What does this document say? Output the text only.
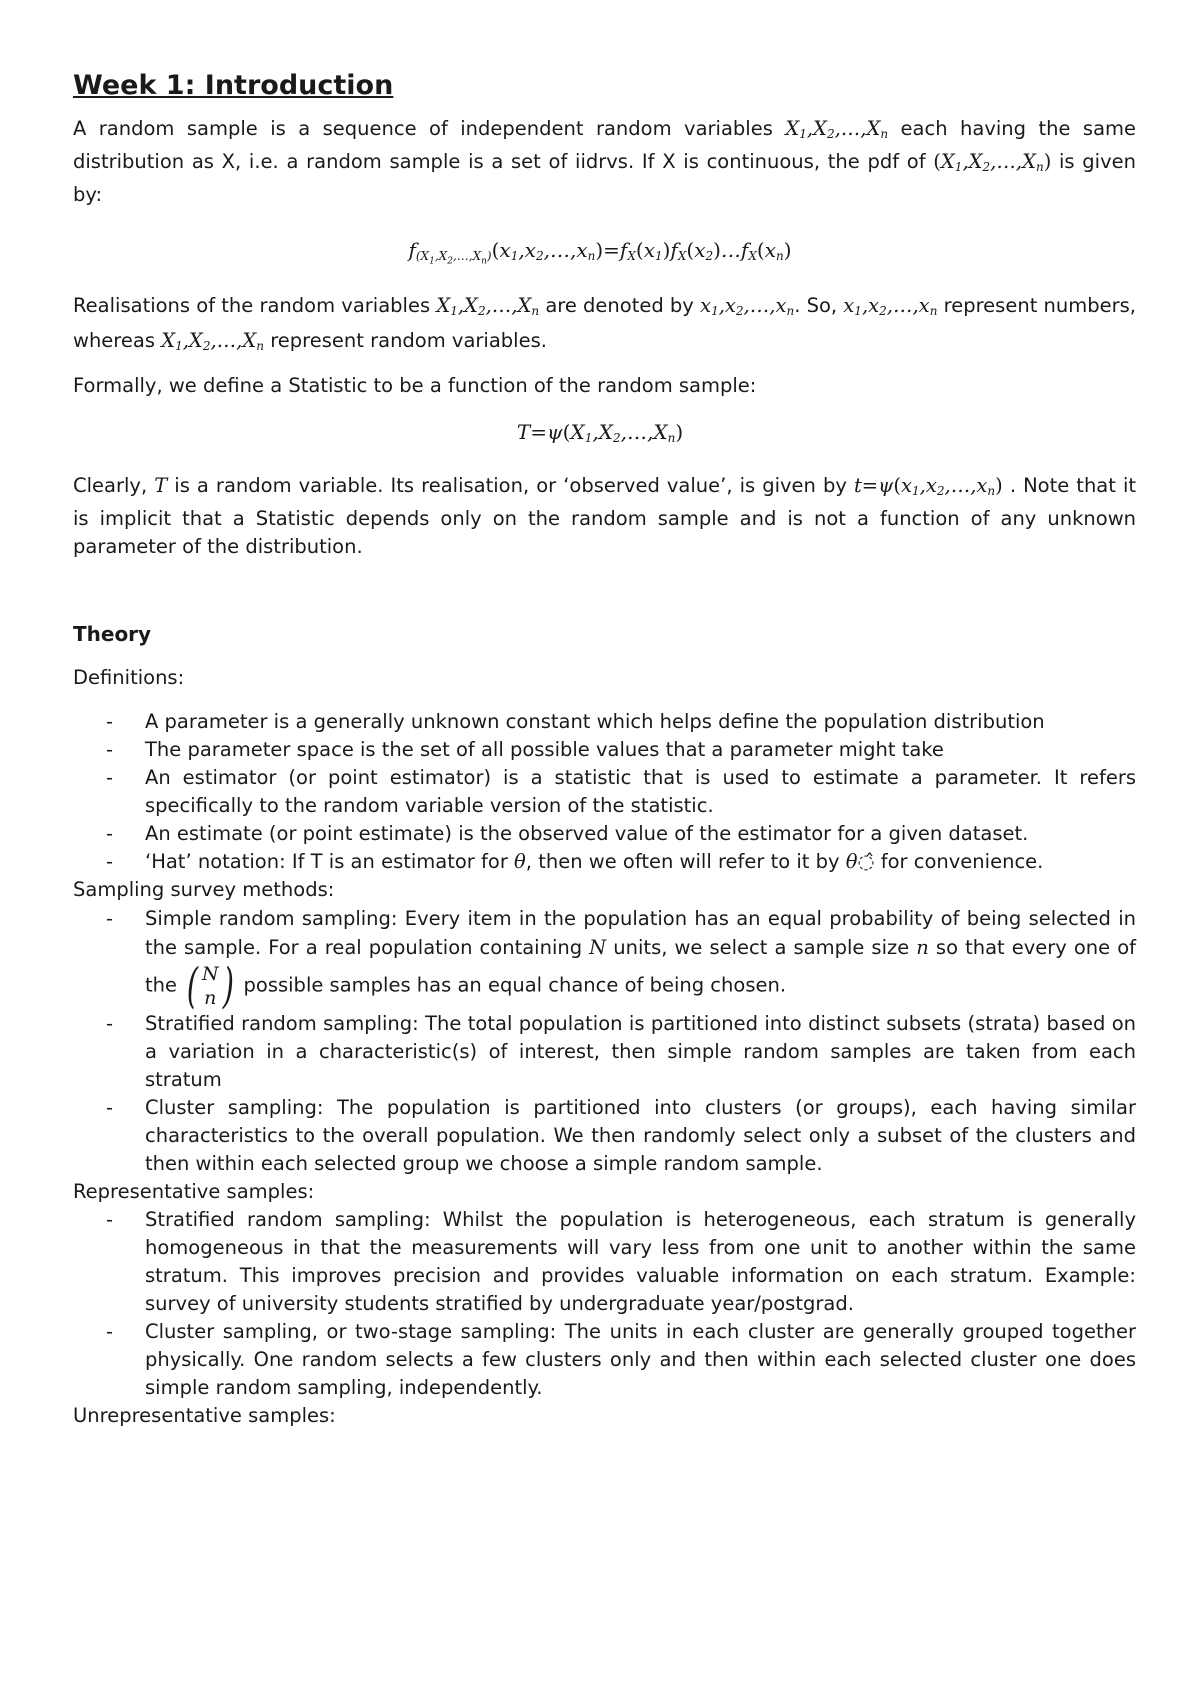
Week 1: Introduction

A random sample is a sequence of independent random variables $X_1,X_2,\dots,X_n$ each having the same distribution as X, i.e. a random sample is a set of iidrvs. If X is continuous, the pdf of $(X_1,X_2,\dots,X_n)$ is given by:

$f_{(X_1,X_2,\dots,X_n)}(x_1,x_2,\dots,x_n)=f_X(x_1)f_X(x_2)\dots f_X(x_n)$

Realisations of the random variables $X_1,X_2,\dots,X_n$ are denoted by $x_1,x_2,\dots,x_n$. So, $x_1,x_2,\dots,x_n$ represent numbers, whereas $X_1,X_2,\dots,X_n$ represent random variables.

Formally, we define a Statistic to be a function of the random sample:

$T=\psi(X_1,X_2,\dots,X_n)$

Clearly, T is a random variable. Its realisation, or ‘observed value’, is given by $t=\psi(x_1,x_2,\dots,x_n)$ . Note that it is implicit that a Statistic depends only on the random sample and is not a function of any unknown parameter of the distribution.

Theory
Definitions:
- A parameter is a generally unknown constant which helps define the population distribution
- The parameter space is the set of all possible values that a parameter might take
- An estimator (or point estimator) is a statistic that is used to estimate a parameter. It refers specifically to the random variable version of the statistic.
- An estimate (or point estimate) is the observed value of the estimator for a given dataset.
- ‘Hat’ notation: If T is an estimator for θ, then we often will refer to it by θ◌̂ for convenience.
Sampling survey methods:
- Simple random sampling: Every item in the population has an equal probability of being selected in the sample. For a real population containing N units, we select a sample size n so that every one of the ( N
n ) possible samples has an equal chance of being chosen.
- Stratified random sampling: The total population is partitioned into distinct subsets (strata) based on a variation in a characteristic(s) of interest, then simple random samples are taken from each stratum
- Cluster sampling: The population is partitioned into clusters (or groups), each having similar characteristics to the overall population. We then randomly select only a subset of the clusters and then within each selected group we choose a simple random sample.
Representative samples:
- Stratified random sampling: Whilst the population is heterogeneous, each stratum is generally homogeneous in that the measurements will vary less from one unit to another within the same stratum. This improves precision and provides valuable information on each stratum. Example: survey of university students stratified by undergraduate year/postgrad.
- Cluster sampling, or two-stage sampling: The units in each cluster are generally grouped together physically. One random selects a few clusters only and then within each selected cluster one does simple random sampling, independently.
Unrepresentative samples:
